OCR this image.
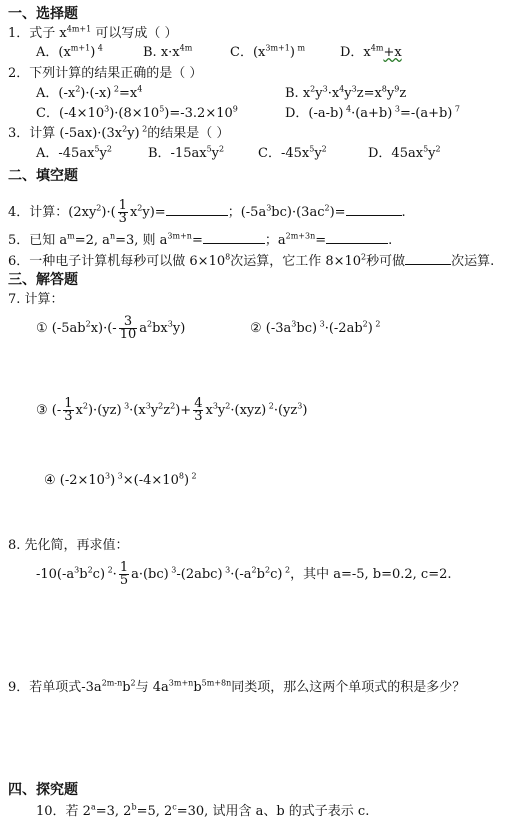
一、选择题
1．式子 $x^{4m+1}$ 可以写成（ ）
A．$(x^{m+1})$ $^4$	B. $x\cdot x^{4m}$	C．$(x^{3m+1})$ $^m$	D．$x^{4m}+x$
2．下列计算的结果正确的是（ ）
A．$(-x^2)\cdot(-x)$ $^2=x^4$	B. $x^2y^3\cdot x^4y^3z=x^8y^9z$
C．$(-4\times 10^3)\cdot(8\times 10^5)=-3.2\times 10^9$	D．(-a-b) $^4$·(a+b) $^3$=-(a+b) $^7$
3．计算 $(-5ax)\cdot(3x^2y)$ $^2$的结果是（ ）
A．$-45ax^5y^2$	B．$-15ax^5y^2$	C．$-45x^5y^2$	D．$45ax^5y^2$
二、填空题
4．计算：$(2xy^2)\cdot( \frac{1}{3} x^2y)=$	；$(-5a^3bc)\cdot(3ac^2)=$	.
5．已知 $a^m=2$, $a^n=3$, 则 $a^{3m+n}=$	；$a^{2m+3n}=$	.
6．一种电子计算机每秒可以做 $6\times 10^8$次运算，它工作 $8\times 10^2$秒可做	次运算.
三、解答题
7. 计算：
① $(-5ab^2x)\cdot(- \frac{3}{10} a^2bx^3y)$	② $(-3a^3bc)$ $^3\cdot(-2ab^2)$ $^2$
③ (- $\frac{1}{3} x^2)\cdot(yz)$ $^3\cdot(x^3y^2z^2)+ \frac{4}{3} x^3y^2\cdot(xyz)$ $^2\cdot(yz^3)$
④ $(-2\times 10^3)$ $^3\times(-4\times 10^8)$ $^2$
8. 先化简，再求值：
$-10(-a^3b^2c)$ $^2\cdot \frac{1}{5} a\cdot(bc)$ $^3$-(2abc) $^3\cdot(-a^2b^2c)$ $^2$，其中 a=-5, b=0.2, c=2.
9．若单项式$-3a^{2m-n}b^2$与 $4a^{3m+n}b^{5m+8n}$同类项，那么这两个单项式的积是多少？
四、探究题
10．若 $2^a=3$, $2^b=5$, $2^c=30$, 试用含 a、b 的式子表示 c.
